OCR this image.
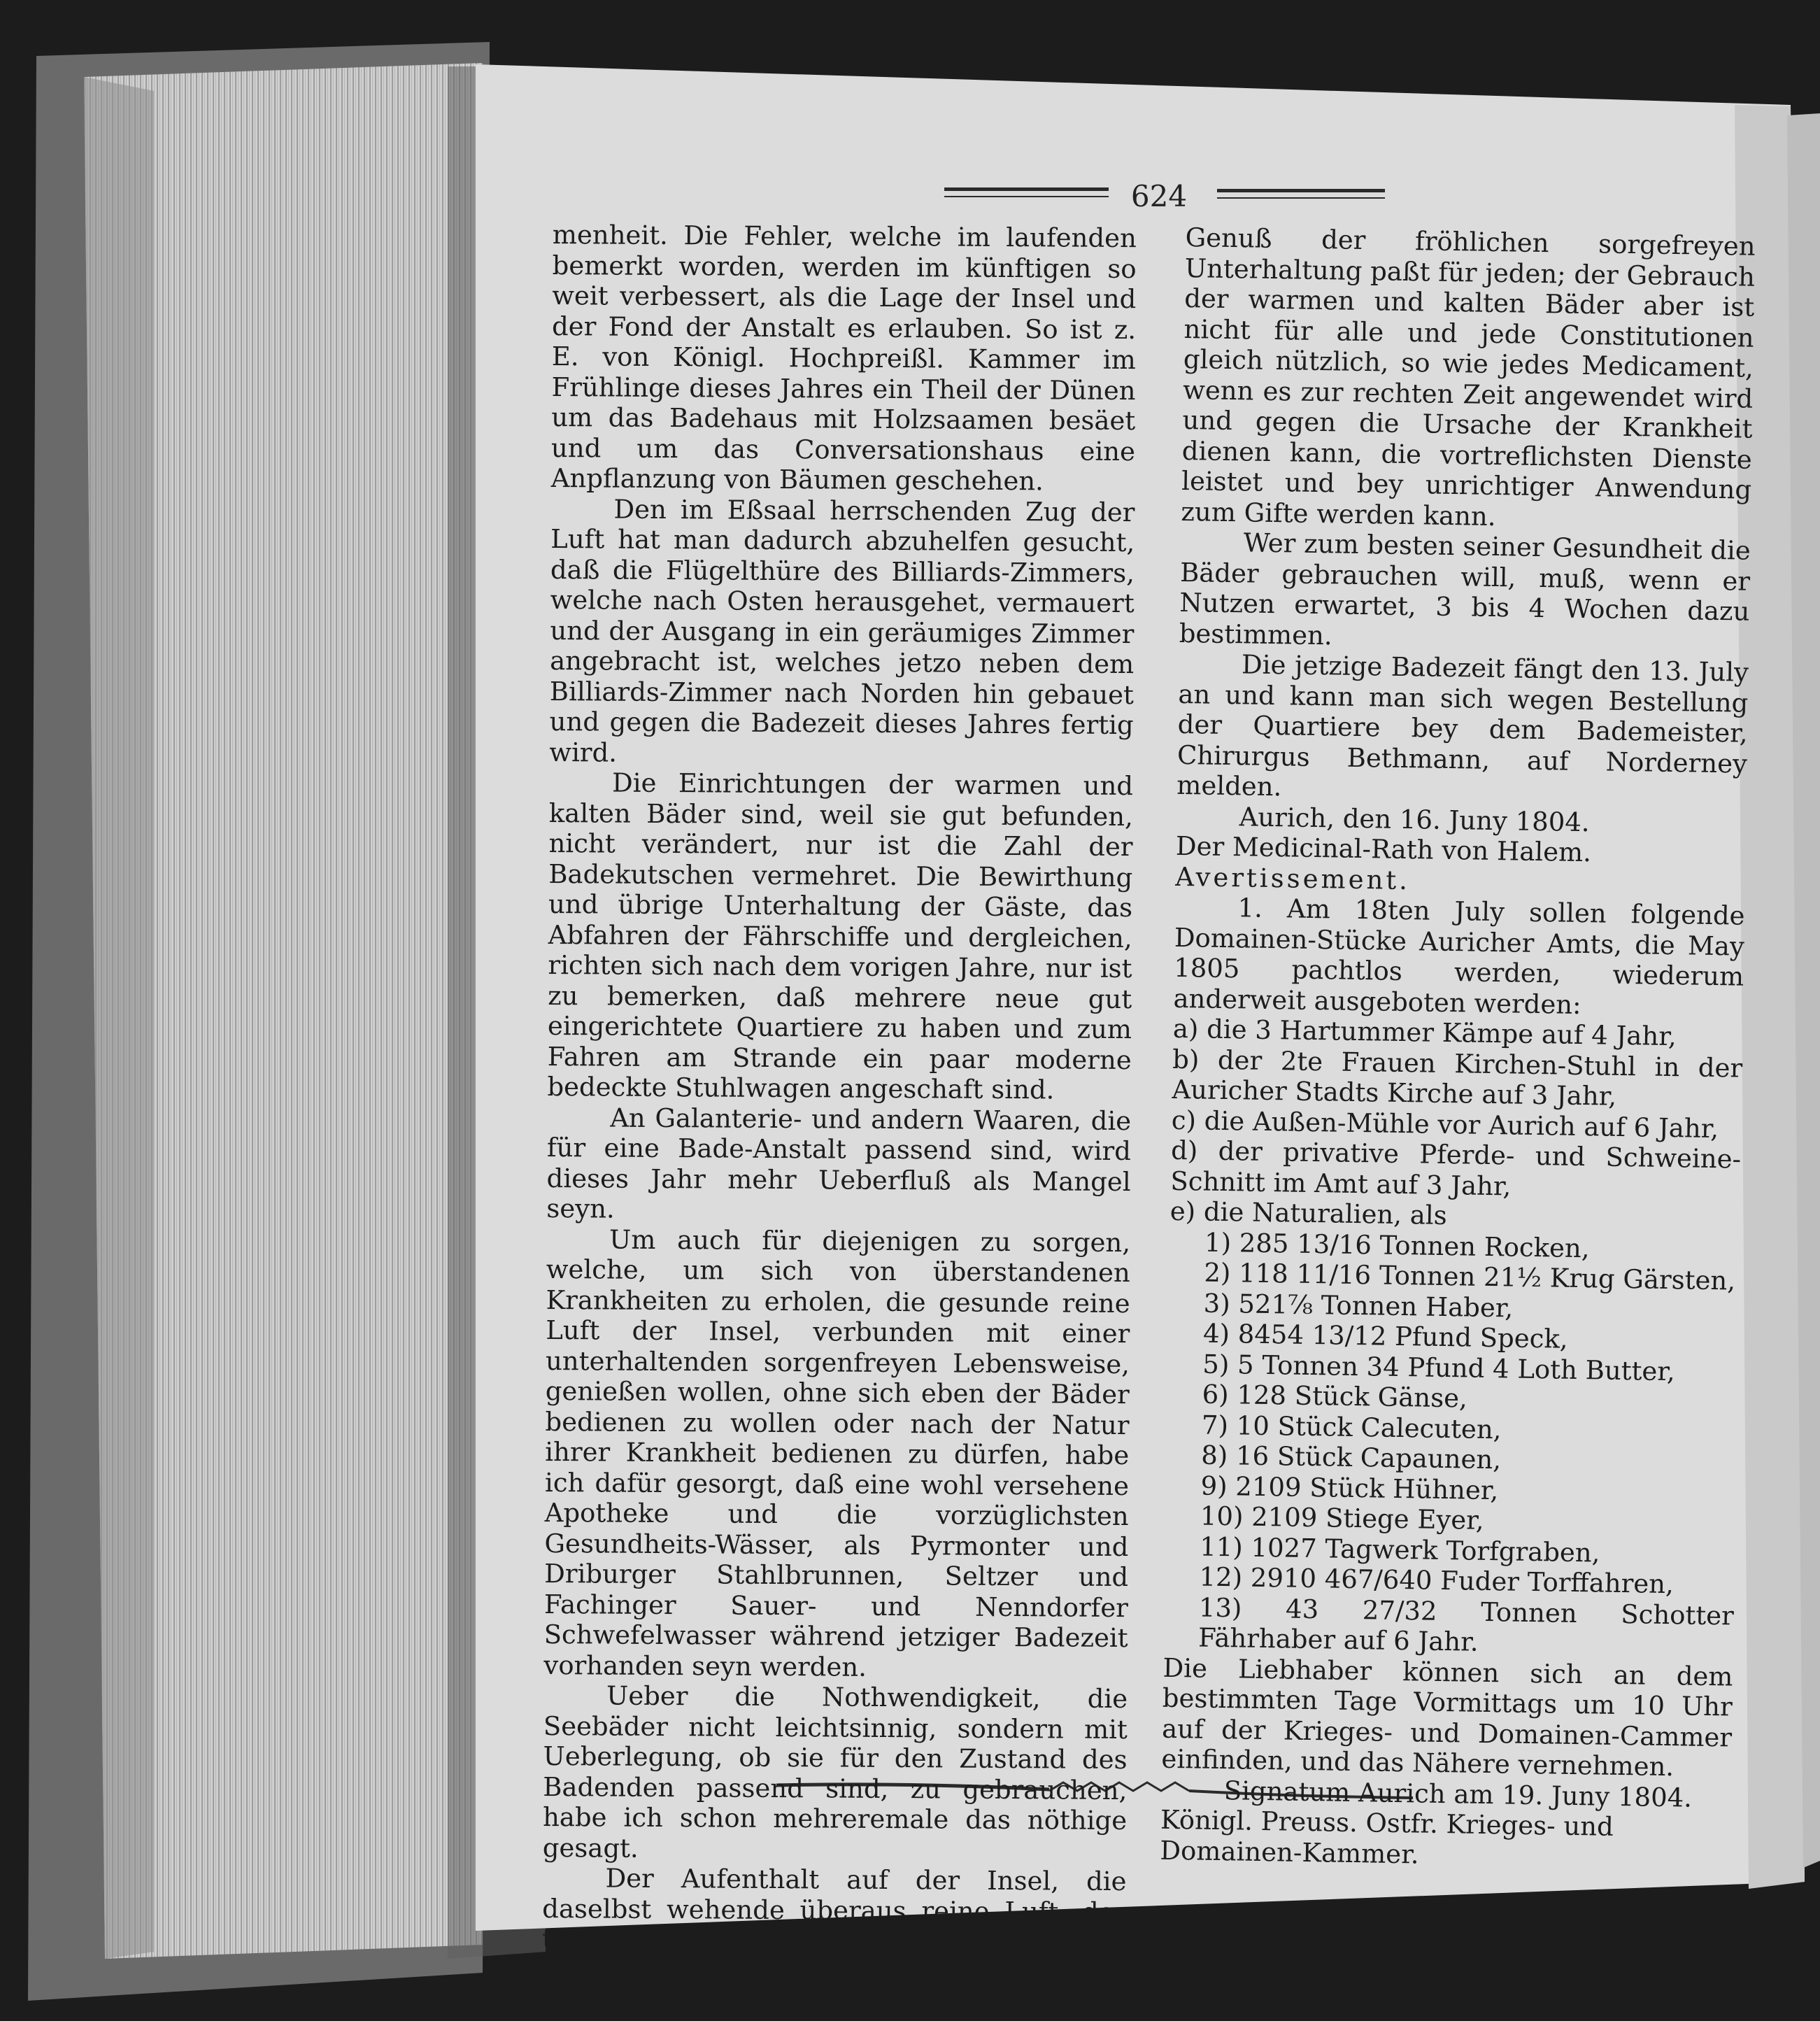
624

menheit. Die Fehler, welche im laufenden bemerkt worden, werden im künftigen so weit verbessert, als die Lage der Insel und der Fond der Anstalt es erlauben. So ist z. E. von Königl. Hochpreißl. Kammer im Frühlinge dieses Jahres ein Theil der Dünen um das Badehaus mit Holzsaamen besäet und um das Conversationshaus eine Anpflanzung von Bäumen geschehen.

Den im Eßsaal herrschenden Zug der Luft hat man dadurch abzuhelfen gesucht, daß die Flügelthüre des Billiards-Zimmers, welche nach Osten herausgehet, vermauert und der Ausgang in ein geräumiges Zimmer angebracht ist, welches jetzo neben dem Billiards-Zimmer nach Norden hin gebauet und gegen die Badezeit dieses Jahres fertig wird.

Die Einrichtungen der warmen und kalten Bäder sind, weil sie gut befunden, nicht verändert, nur ist die Zahl der Badekutschen vermehret. Die Bewirthung und übrige Unterhaltung der Gäste, das Abfahren der Fährschiffe und dergleichen, richten sich nach dem vorigen Jahre, nur ist zu bemerken, daß mehrere neue gut eingerichtete Quartiere zu haben und zum Fahren am Strande ein paar moderne bedeckte Stuhlwagen angeschaft sind.

An Galanterie- und andern Waaren, die für eine Bade-Anstalt passend sind, wird dieses Jahr mehr Ueberfluß als Mangel seyn.

Um auch für diejenigen zu sorgen, welche, um sich von überstandenen Krankheiten zu erholen, die gesunde reine Luft der Insel, verbunden mit einer unterhaltenden sorgenfreyen Lebensweise, genießen wollen, ohne sich eben der Bäder bedienen zu wollen oder nach der Natur ihrer Krankheit bedienen zu dürfen, habe ich dafür gesorgt, daß eine wohl versehene Apotheke und die vorzüglichsten Gesundheits-Wässer, als Pyrmonter und Driburger Stahlbrunnen, Seltzer und Fachinger Sauer- und Nenndorfer Schwefelwasser während jetziger Badezeit vorhanden seyn werden.

Ueber die Nothwendigkeit, die Seebäder nicht leichtsinnig, sondern mit Ueberlegung, ob sie für den Zustand des Badenden passend sind, zu gebrauchen, habe ich schon mehreremale das nöthige gesagt.

Der Aufenthalt auf der Insel, die daselbst wehende überaus reine Luft, der temperirte Boden, der Aufenthalt auf dem Wasser und der

Genuß der fröhlichen sorgefreyen Unterhaltung paßt für jeden; der Gebrauch der warmen und kalten Bäder aber ist nicht für alle und jede Constitutionen gleich nützlich, so wie jedes Medicament, wenn es zur rechten Zeit angewendet wird und gegen die Ursache der Krankheit dienen kann, die vortreflichsten Dienste leistet und bey unrichtiger Anwendung zum Gifte werden kann.

Wer zum besten seiner Gesundheit die Bäder gebrauchen will, muß, wenn er Nutzen erwartet, 3 bis 4 Wochen dazu bestimmen.

Die jetzige Badezeit fängt den 13. July an und kann man sich wegen Bestellung der Quartiere bey dem Bademeister, Chirurgus Bethmann, auf Norderney melden.

Aurich, den 16. Juny 1804.

Der Medicinal-Rath von Halem.

Avertissement.

1. Am 18ten July sollen folgende Domainen-Stücke Auricher Amts, die May 1805 pachtlos werden, wiederum anderweit ausgeboten werden:

a) die 3 Hartummer Kämpe auf 4 Jahr,

b) der 2te Frauen Kirchen-Stuhl in der Auricher Stadts Kirche auf 3 Jahr,

c) die Außen-Mühle vor Aurich auf 6 Jahr,

d) der privative Pferde- und Schweine-Schnitt im Amt auf 3 Jahr,

e) die Naturalien, als

1) 285 13/16 Tonnen Rocken,

2) 118 11/16 Tonnen 21½ Krug Gärsten,

3) 521⅞ Tonnen Haber,

4) 8454 13/12 Pfund Speck,

5) 5 Tonnen 34 Pfund 4 Loth Butter,

6) 128 Stück Gänse,

7) 10 Stück Calecuten,

8) 16 Stück Capaunen,

9) 2109 Stück Hühner,

10) 2109 Stiege Eyer,

11) 1027 Tagwerk Torfgraben,

12) 2910 467/640 Fuder Torffahren,

13) 43 27/32 Tonnen Schotter Fährhaber auf 6 Jahr.

Die Liebhaber können sich an dem bestimmten Tage Vormittags um 10 Uhr auf der Krieges- und Domainen-Cammer einfinden, und das Nähere vernehmen.

Signatum Aurich am 19. Juny 1804.

Königl. Preuss. Ostfr. Krieges- und

Domainen-Kammer.
